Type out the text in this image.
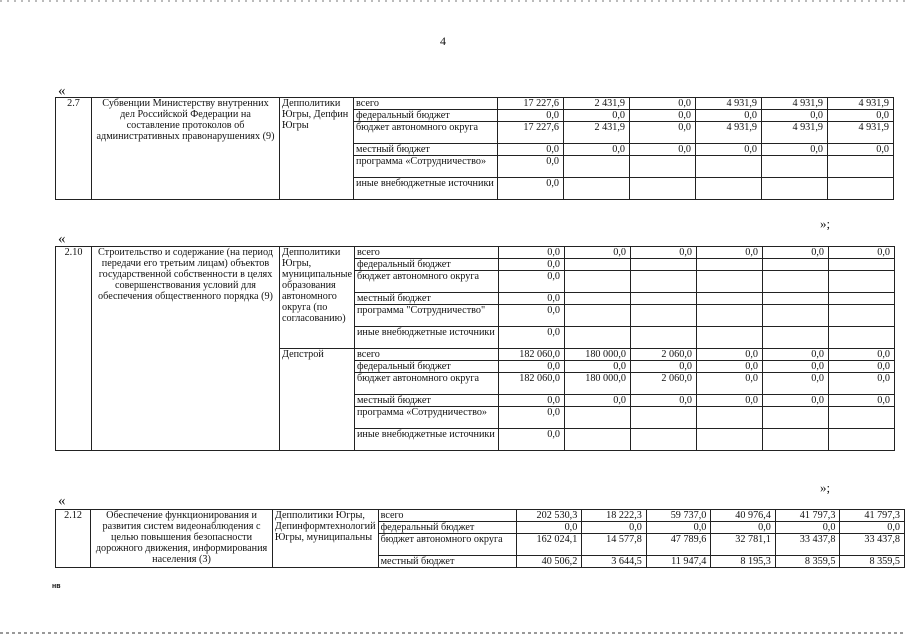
4
«
2.7	Субвенции Министерству внутренних дел Российской Федерации на составление протоколов об административных правонарушениях (9)	Депполитики Югры, Депфин Югры	всего	17 227,6	2 431,9	0,0	4 931,9	4 931,9	4 931,9
			федеральный бюджет	0,0	0,0	0,0	0,0	0,0	0,0
			бюджет автономного округа	17 227,6	2 431,9	0,0	4 931,9	4 931,9	4 931,9
			местный бюджет	0,0	0,0	0,0	0,0	0,0	0,0
			программа «Сотрудничество»	0,0					
			иные внебюджетные источники	0,0					
»;
«
2.10	Строительство и содержание (на период передачи его третьим лицам) объектов государственной собственности в целях совершенствования условий для обеспечения общественного порядка (9)	Депполитики Югры, муниципальные образования автономного округа (по согласованию)	всего	0,0	0,0	0,0	0,0	0,0	0,0
			федеральный бюджет	0,0					
			бюджет автономного округа	0,0					
			местный бюджет	0,0					
			программа "Сотрудничество"	0,0					
			иные внебюджетные источники	0,0					
		Депстрой	всего	182 060,0	180 000,0	2 060,0	0,0	0,0	0,0
			федеральный бюджет	0,0	0,0	0,0	0,0	0,0	0,0
			бюджет автономного округа	182 060,0	180 000,0	2 060,0	0,0	0,0	0,0
			местный бюджет	0,0	0,0	0,0	0,0	0,0	0,0
			программа «Сотрудничество»	0,0					
			иные внебюджетные источники	0,0					
»;
«
2.12	Обеспечение функционирования и развития систем видеонаблюдения с целью повышения безопасности дорожного движения, информирования населения (3)	Депполитики Югры, Депинформтехнологий Югры, муниципальны	всего	202 530,3	18 222,3	59 737,0	40 976,4	41 797,3	41 797,3
			федеральный бюджет	0,0	0,0	0,0	0,0	0,0	0,0
			бюджет автономного округа	162 024,1	14 577,8	47 789,6	32 781,1	33 437,8	33 437,8
			местный бюджет	40 506,2	3 644,5	11 947,4	8 195,3	8 359,5	8 359,5
нв
